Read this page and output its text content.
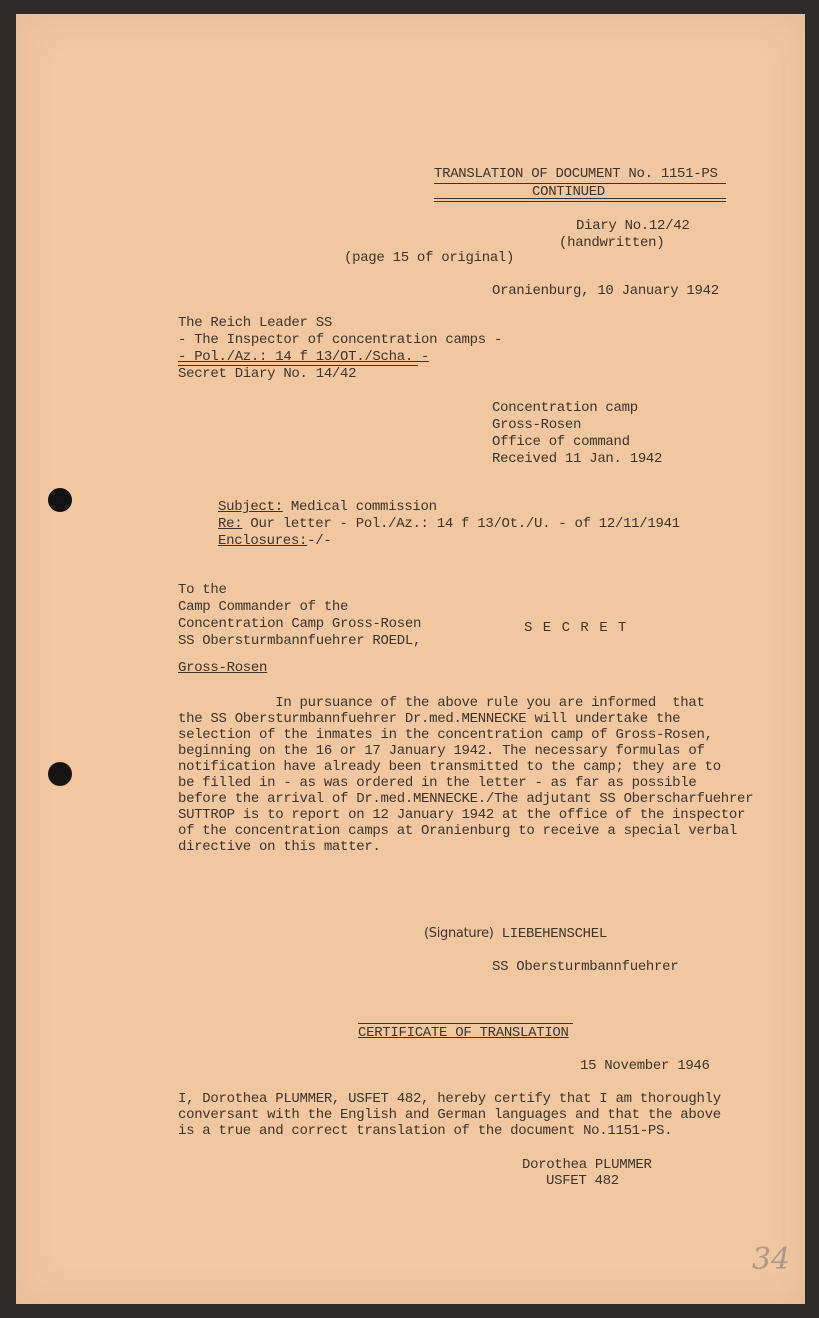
TRANSLATION OF DOCUMENT No. 1151-PS
CONTINUED
Diary No.12/42
(handwritten)
(page 15 of original)
Oranienburg, 10 January 1942
The Reich Leader SS
- The Inspector of concentration camps -
- Pol./Az.: 14 f 13/OT./Scha. -
Secret Diary No. 14/42
Concentration camp
Gross-Rosen
Office of command
Received 11 Jan. 1942
Subject: Medical commission
Re: Our letter - Pol./Az.: 14 f 13/Ot./U. - of 12/11/1941
Enclosures:-/-
To the
Camp Commander of the
Concentration Camp Gross-Rosen
SS Obersturmbannfuehrer ROEDL,
S E C R E T
Gross-Rosen
In pursuance of the above rule you are informed  that
the SS Obersturmbannfuehrer Dr.med.MENNECKE will undertake the
selection of the inmates in the concentration camp of Gross-Rosen,
beginning on the 16 or 17 January 1942. The necessary formulas of
notification have already been transmitted to the camp; they are to
be filled in - as was ordered in the letter - as far as possible
before the arrival of Dr.med.MENNECKE./The adjutant SS Oberscharfuehrer
SUTTROP is to report on 12 January 1942 at the office of the inspector
of the concentration camps at Oranienburg to receive a special verbal
directive on this matter.
(Signature) LIEBEHENSCHEL
SS Obersturmbannfuehrer
CERTIFICATE OF TRANSLATION
15 November 1946
I, Dorothea PLUMMER, USFET 482, hereby certify that I am thoroughly
conversant with the English and German languages and that the above
is a true and correct translation of the document No.1151-PS.
Dorothea PLUMMER
USFET 482
34
